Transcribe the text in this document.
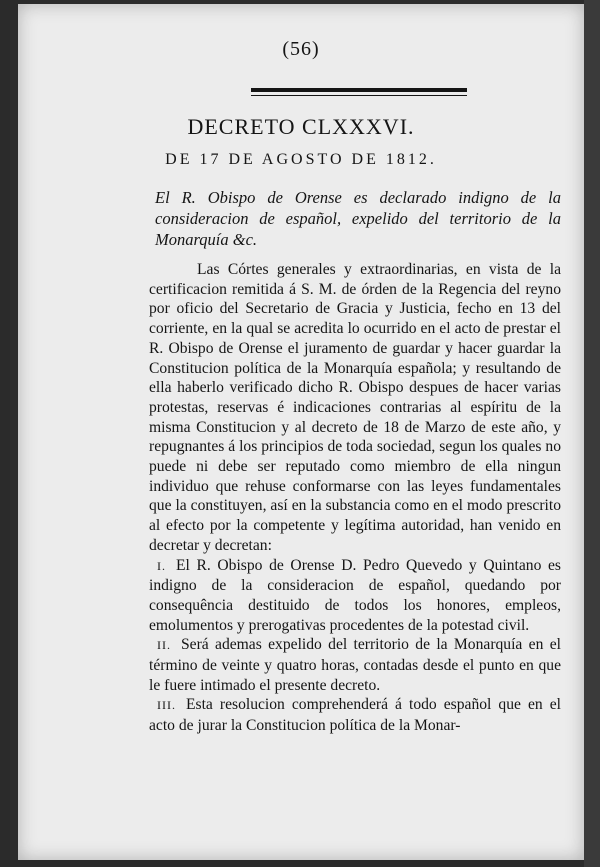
(56)
DECRETO CLXXXVI.
DE 17 DE AGOSTO DE 1812.
El R. Obispo de Orense es declarado indigno de la consideracion de español, expelido del territorio de la Monarquía &c.

Las Córtes generales y extraordinarias, en vista de la certificacion remitida á S. M. de órden de la Regencia del reyno por oficio del Secretario de Gracia y Justicia, fecho en 13 del corriente, en la qual se acredita lo ocurrido en el acto de prestar el R. Obispo de Orense el juramento de guardar y hacer guardar la Constitucion política de la Monarquía española; y resultando de ella haberlo verificado dicho R. Obispo despues de hacer varias protestas, reservas é indicaciones contrarias al espíritu de la misma Constitucion y al decreto de 18 de Marzo de este año, y repugnantes á los principios de toda sociedad, segun los quales no puede ni debe ser reputado como miembro de ella ningun individuo que rehuse conformarse con las leyes fundamentales que la constituyen, así en la substancia como en el modo prescrito al efecto por la competente y legítima autoridad, han venido en decretar y decretan:

I. El R. Obispo de Orense D. Pedro Quevedo y Quintano es indigno de la consideracion de español, quedando por consequência destituido de todos los honores, empleos, emolumentos y prerogativas procedentes de la potestad civil.

II. Será ademas expelido del territorio de la Monarquía en el término de veinte y quatro horas, contadas desde el punto en que le fuere intimado el presente decreto.

III. Esta resolucion comprehenderá á todo español que en el acto de jurar la Constitucion política de la Monar-
